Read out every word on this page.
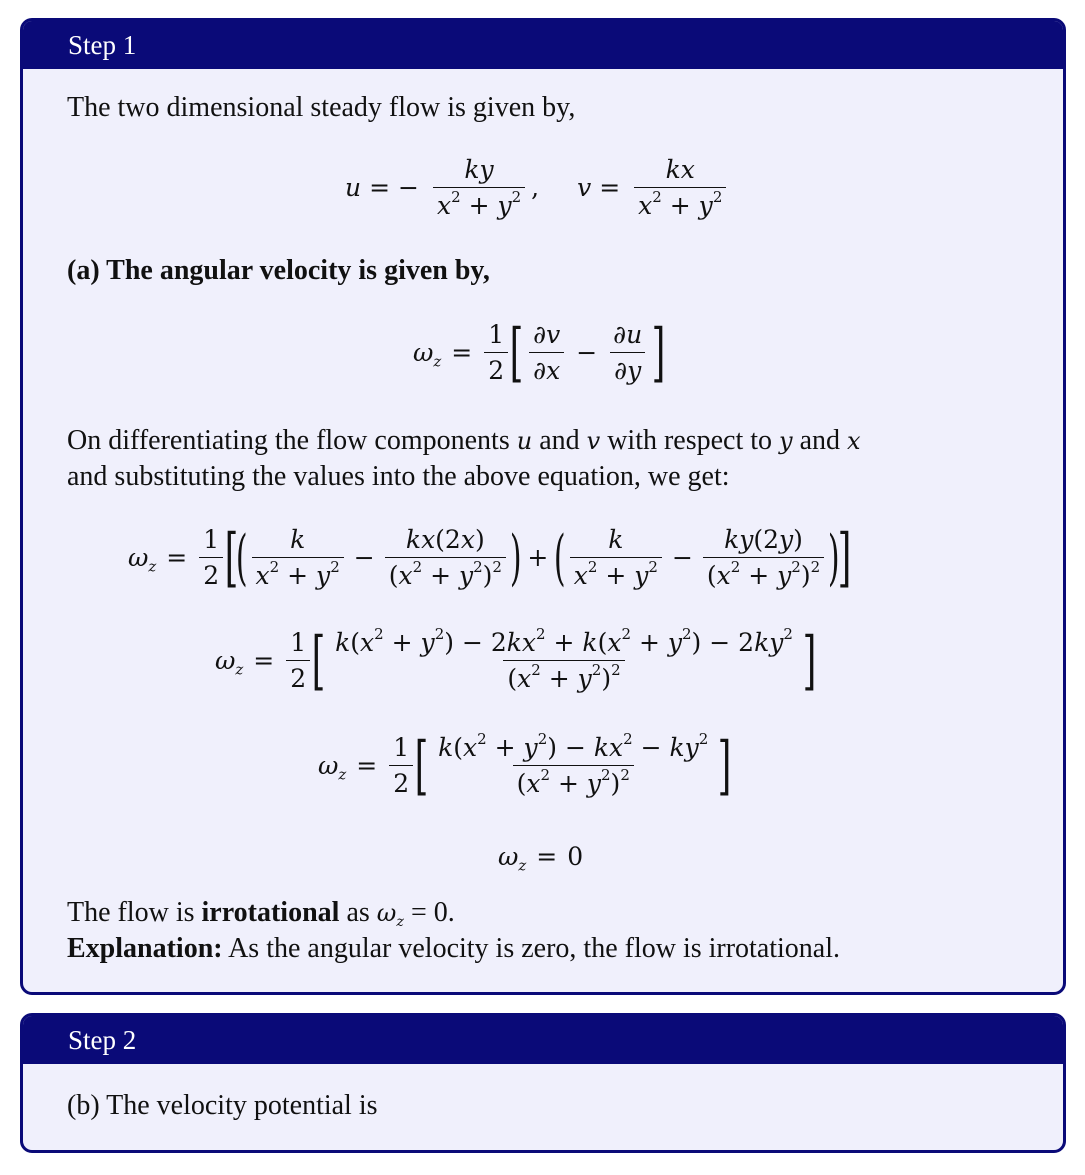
Step 1
The two dimensional steady flow is given by,
u = − $\frac{ky}{x^2 + y^2}$ , $v = \frac{kx}{x^2 + y^2}$
(a) The angular velocity is given by,
$\omega_z = \frac{1}{2}$ [ $\frac{\partial v}{\partial x} - \frac{\partial u}{\partial y}$ ]
On differentiating the flow components u and v with respect to y and x
and substituting the values into the above equation, we get:
$\omega_z = \frac{1}{2}$ [
( $\frac{k}{x^2 + y^2} - \frac{kx(2x)}{(x^2 + y^2)^2}$ ) + ( $\frac{k}{x^2 + y^2} - \frac{ky(2y)}{(x^2 + y^2)^2}$ )
]
$\omega_z = \frac{1}{2}$ [ $\frac{k(x^2 + y^2) - 2kx^2 + k(x^2 + y^2) - 2ky^2}{(x^2 + y^2)^2}$ ]
$\omega_z = \frac{1}{2}$ [ $\frac{k(x^2 + y^2) - kx^2 - ky^2}{(x^2 + y^2)^2}$ ]
$\omega_z = 0$
The flow is irrotational as $\omega_z = 0$.
Explanation: As the angular velocity is zero, the flow is irrotational.
Step 2
(b) The velocity potential is
